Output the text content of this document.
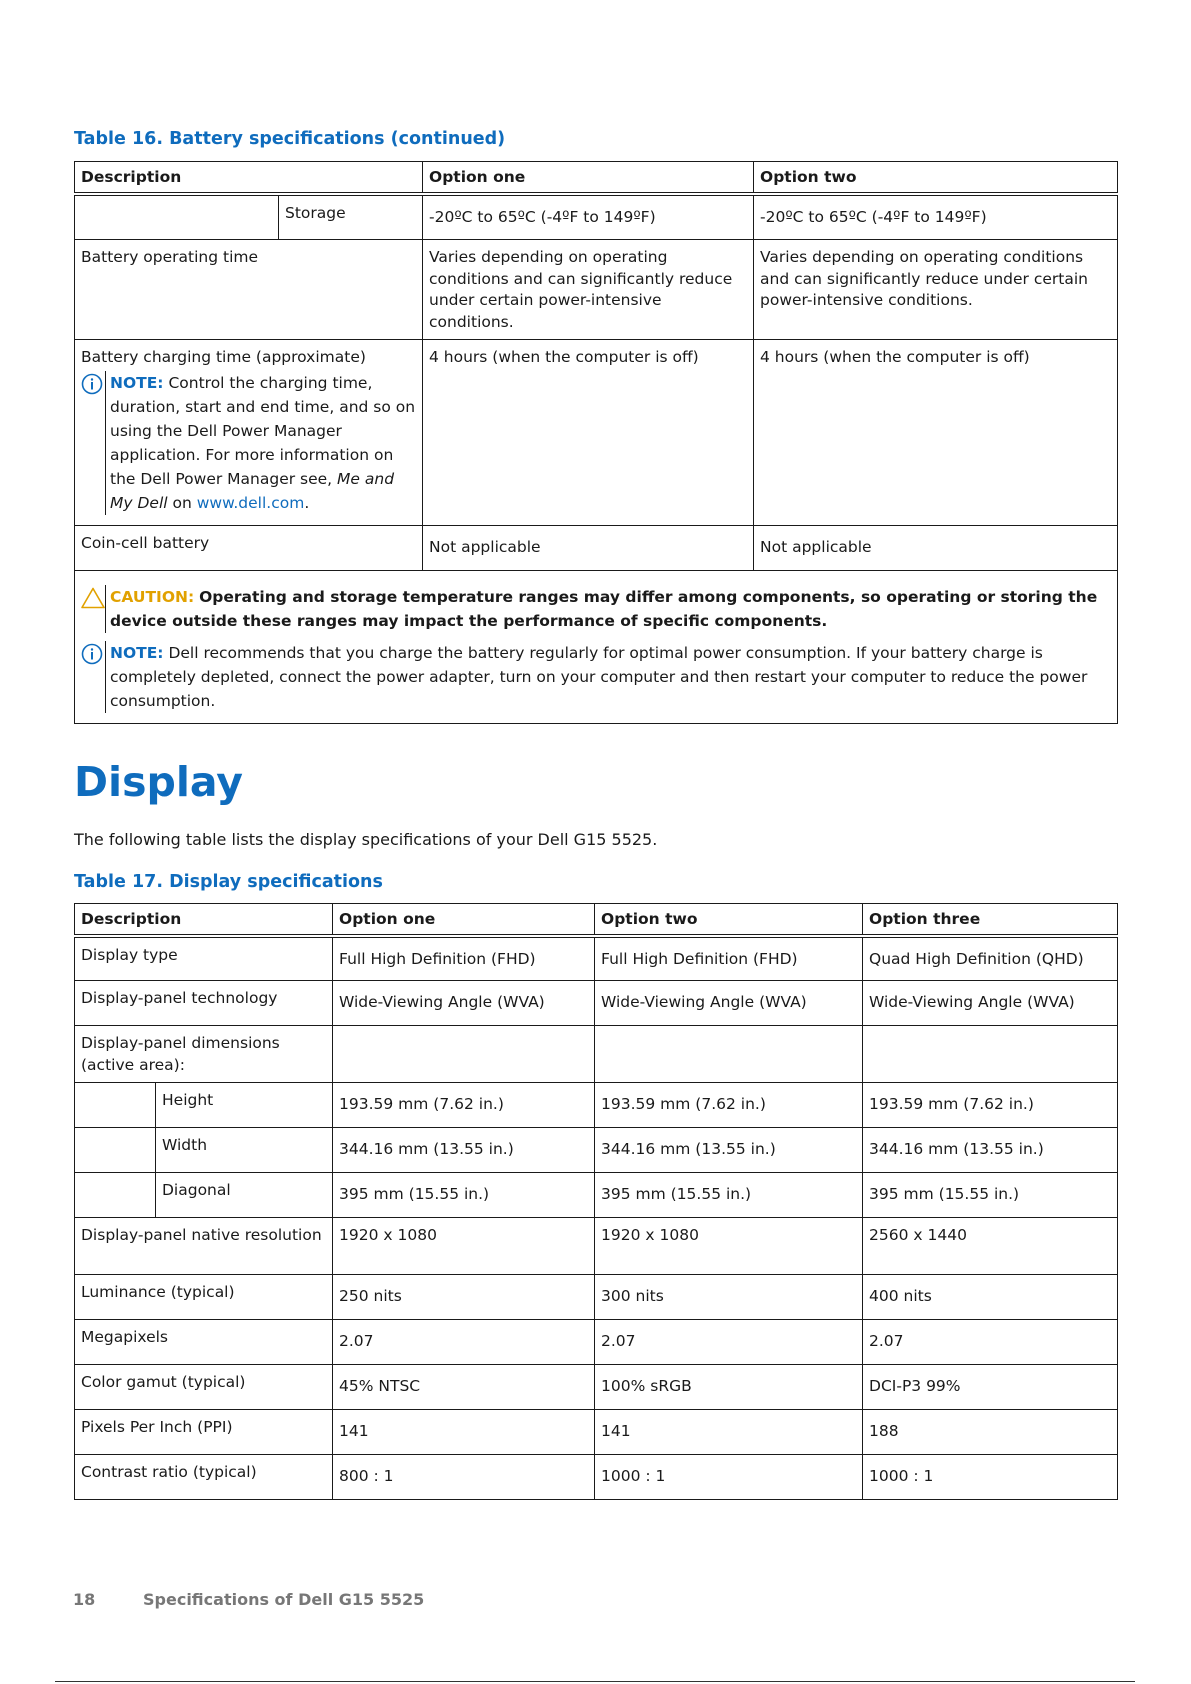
Table 16. Battery specifications (continued)

Description		Option one	Option two
	Storage	-20ºC to 65ºC (-4ºF to 149ºF)	-20ºC to 65ºC (-4ºF to 149ºF)
Battery operating time		Varies depending on operating conditions and can significantly reduce under certain power-intensive conditions.	Varies depending on operating conditions and can significantly reduce under certain power-intensive conditions.

Battery charging time (approximate)
NOTE: Control the charging time, duration, start and end time, and so on using the Dell Power Manager application. For more information on the Dell Power Manager see, Me and My Dell on www.dell.com.		4 hours (when the computer is off)	4 hours (when the computer is off)
Coin-cell battery		Not applicable	Not applicable

CAUTION: Operating and storage temperature ranges may differ among components, so operating or storing the device outside these ranges may impact the performance of specific components.
NOTE: Dell recommends that you charge the battery regularly for optimal power consumption. If your battery charge is completely depleted, connect the power adapter, turn on your computer and then restart your computer to reduce the power consumption.			
Display

The following table lists the display specifications of your Dell G15 5525.

Table 17. Display specifications

Description		Option one	Option two	Option three
Display type		Full High Definition (FHD)	Full High Definition (FHD)	Quad High Definition (QHD)
Display-panel technology		Wide-Viewing Angle (WVA)	Wide-Viewing Angle (WVA)	Wide-Viewing Angle (WVA)
Display-panel dimensions (active area):				
	Height	193.59 mm (7.62 in.)	193.59 mm (7.62 in.)	193.59 mm (7.62 in.)
	Width	344.16 mm (13.55 in.)	344.16 mm (13.55 in.)	344.16 mm (13.55 in.)
	Diagonal	395 mm (15.55 in.)	395 mm (15.55 in.)	395 mm (15.55 in.)
Display-panel native resolution		1920 x 1080	1920 x 1080	2560 x 1440
Luminance (typical)		250 nits	300 nits	400 nits
Megapixels		2.07	2.07	2.07
Color gamut (typical)		45% NTSC	100% sRGB	DCI-P3 99%
Pixels Per Inch (PPI)		141	141	188
Contrast ratio (typical)		800 : 1	1000 : 1	1000 : 1
18	Specifications of Dell G15 5525
